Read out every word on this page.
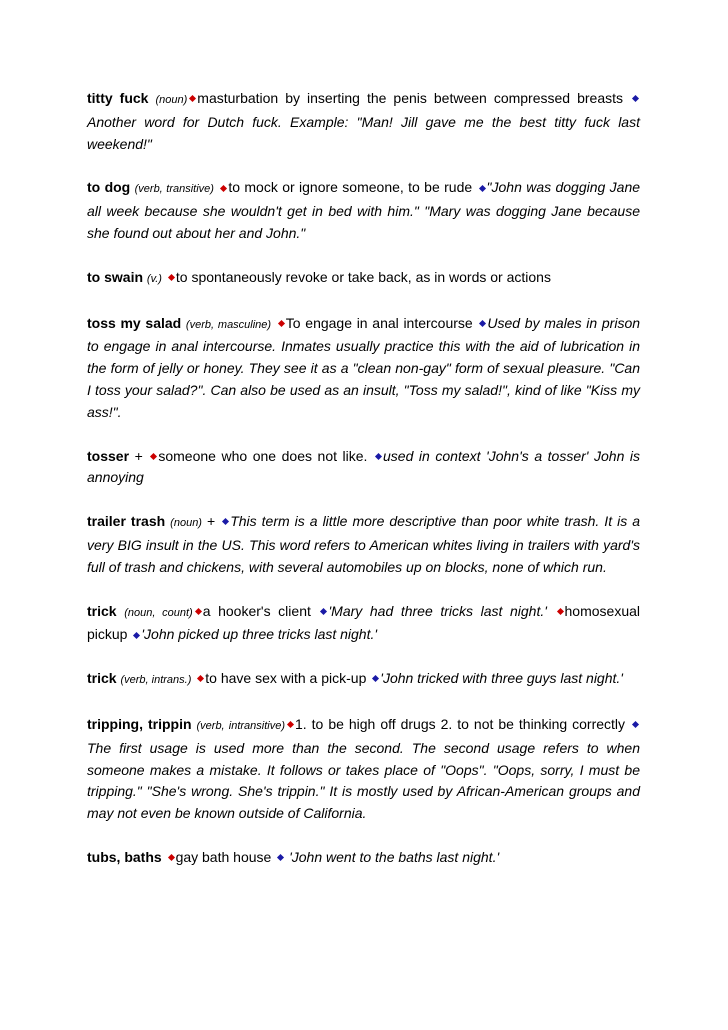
titty fuck (noun) masturbation by inserting the penis between compressed breasts  Another word for Dutch fuck. Example: "Man! Jill gave me the best titty fuck last weekend!"

to dog (verb, transitive) to mock or ignore someone, to be rude "John was dogging Jane all week because she wouldn't get in bed with him." "Mary was dogging Jane because she found out about her and John."

to swain (v.) to spontaneously revoke or take back, as in words or actions

toss my salad (verb, masculine) To engage in anal intercourse Used by males in prison to engage in anal intercourse. Inmates usually practice this with the aid of lubrication in the form of jelly or honey. They see it as a "clean non-gay" form of sexual pleasure. "Can I toss your salad?". Can also be used as an insult, "Toss my salad!", kind of like "Kiss my ass!".

tosser + someone who one does not like. used in context 'John's a tosser' John is annoying

trailer trash (noun) + This term is a little more descriptive than poor white trash. It is a very BIG insult in the US. This word refers to American whites living in trailers with yard's full of trash and chickens, with several automobiles up on blocks, none of which run.

trick (noun, count) a hooker's client 'Mary had three tricks last night.' homosexual pickup 'John picked up three tricks last night.'

trick (verb, intrans.) to have sex with a pick-up 'John tricked with three guys last night.'

tripping, trippin (verb, intransitive) 1. to be high off drugs 2. to not be thinking correctly The first usage is used more than the second. The second usage refers to when someone makes a mistake. It follows or takes place of "Oops". "Oops, sorry, I must be tripping." "She's wrong. She's trippin." It is mostly used by African-American groups and may not even be known outside of California.

tubs, baths gay bath house 'John went to the baths last night.'
